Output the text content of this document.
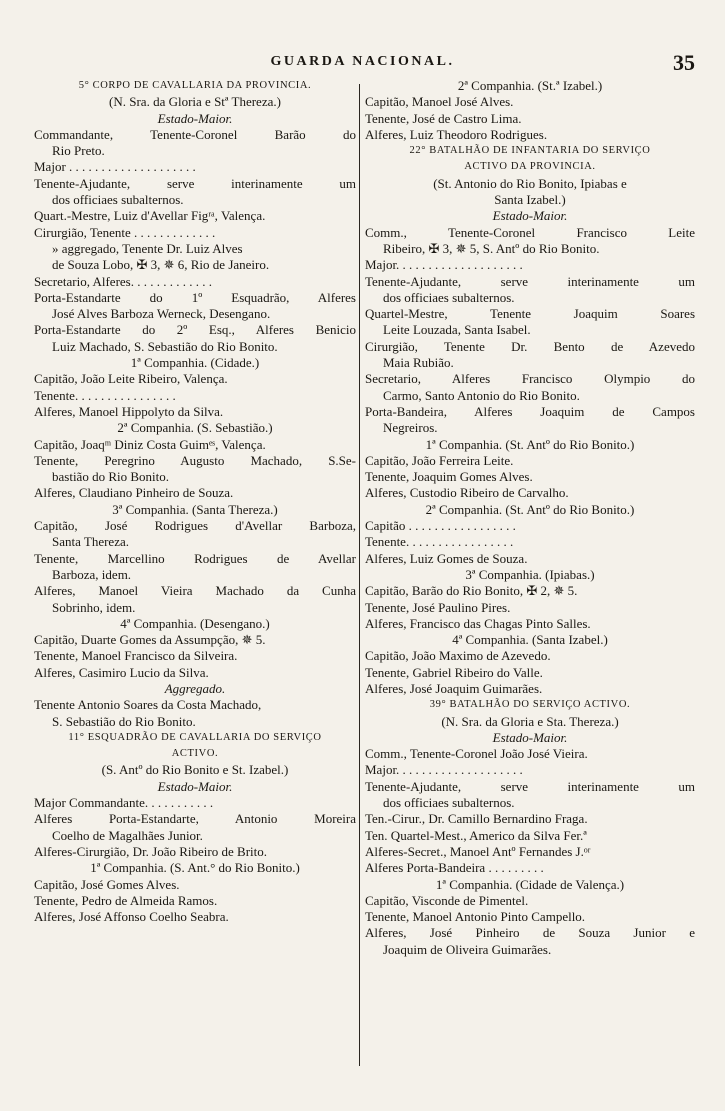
GUARDA NACIONAL.	35
5° CORPO DE CAVALLARIA DA PROVINCIA.
(N. Sra. da Gloria e Stª Thereza.)
Estado-Maior.
Commandante, Tenente-Coronel Barão do
Rio Preto.
Major . . . . . . . . . . . . . . . . . . . .
Tenente-Ajudante, serve interinamente um
dos officiaes subalternos.
Quart.-Mestre, Luiz d'Avellar Figʳᵃ, Valença.
Cirurgião, Tenente . . . . . . . . . . . . .
» aggregado, Tenente Dr. Luiz Alves
de Souza Lobo, ✠ 3, ✵ 6, Rio de Janeiro.
Secretario, Alferes. . . . . . . . . . . . .
Porta-Estandarte do 1º Esquadrão, Alferes
José Alves Barboza Werneck, Desengano.
Porta-Estandarte do 2º Esq., Alferes Benicio
Luiz Machado, S. Sebastião do Rio Bonito.
1ª Companhia. (Cidade.)
Capitão, João Leite Ribeiro, Valença.
Tenente. . . . . . . . . . . . . . . .
Alferes, Manoel Hippolyto da Silva.
2ª Companhia. (S. Sebastião.)
Capitão, Joaqᵐ Diniz Costa Guimᵉˢ, Valença.
Tenente, Peregrino Augusto Machado, S.Se-
bastião do Rio Bonito.
Alferes, Claudiano Pinheiro de Souza.
3ª Companhia. (Santa Thereza.)
Capitão, José Rodrigues d'Avellar Barboza,
Santa Thereza.
Tenente, Marcellino Rodrigues de Avellar
Barboza, idem.
Alferes, Manoel Vieira Machado da Cunha
Sobrinho, idem.
4ª Companhia. (Desengano.)
Capitão, Duarte Gomes da Assumpção, ✵ 5.
Tenente, Manoel Francisco da Silveira.
Alferes, Casimiro Lucio da Silva.
Aggregado.
Tenente Antonio Soares da Costa Machado,
S. Sebastião do Rio Bonito.
11° ESQUADRÃO DE CAVALLARIA DO SERVIÇO
ACTIVO.
(S. Antº do Rio Bonito e St. Izabel.)
Estado-Maior.
Major Commandante. . . . . . . . . . .
Alferes Porta-Estandarte, Antonio Moreira
Coelho de Magalhães Junior.
Alferes-Cirurgião, Dr. João Ribeiro de Brito.
1ª Companhia. (S. Ant.° do Rio Bonito.)
Capitão, José Gomes Alves.
Tenente, Pedro de Almeida Ramos.
Alferes, José Affonso Coelho Seabra.
2ª Companhia. (St.ª Izabel.)
Capitão, Manoel José Alves.
Tenente, José de Castro Lima.
Alferes, Luiz Theodoro Rodrigues.
22° BATALHÃO DE INFANTARIA DO SERVIÇO
ACTIVO DA PROVINCIA.
(St. Antonio do Rio Bonito, Ipiabas e
Santa Izabel.)
Estado-Maior.
Comm., Tenente-Coronel Francisco Leite
Ribeiro, ✠ 3, ✵ 5, S. Antº do Rio Bonito.
Major. . . . . . . . . . . . . . . . . . . .
Tenente-Ajudante, serve interinamente um
dos officiaes subalternos.
Quartel-Mestre, Tenente Joaquim Soares
Leite Louzada, Santa Isabel.
Cirurgião, Tenente Dr. Bento de Azevedo
Maia Rubião.
Secretario, Alferes Francisco Olympio do
Carmo, Santo Antonio do Rio Bonito.
Porta-Bandeira, Alferes Joaquim de Campos
Negreiros.
1ª Companhia. (St. Antº do Rio Bonito.)
Capitão, João Ferreira Leite.
Tenente, Joaquim Gomes Alves.
Alferes, Custodio Ribeiro de Carvalho.
2ª Companhia. (St. Antº do Rio Bonito.)
Capitão . . . . . . . . . . . . . . . . .
Tenente. . . . . . . . . . . . . . . . .
Alferes, Luiz Gomes de Souza.
3ª Companhia. (Ipiabas.)
Capitão, Barão do Rio Bonito, ✠ 2, ✵ 5.
Tenente, José Paulino Pires.
Alferes, Francisco das Chagas Pinto Salles.
4ª Companhia. (Santa Izabel.)
Capitão, João Maximo de Azevedo.
Tenente, Gabriel Ribeiro do Valle.
Alferes, José Joaquim Guimarães.
39° BATALHÃO DO SERVIÇO ACTIVO.
(N. Sra. da Gloria e Sta. Thereza.)
Estado-Maior.
Comm., Tenente-Coronel João José Vieira.
Major. . . . . . . . . . . . . . . . . . . .
Tenente-Ajudante, serve interinamente um
dos officiaes subalternos.
Ten.-Cirur., Dr. Camillo Bernardino Fraga.
Ten. Quartel-Mest., Americo da Silva Fer.ª
Alferes-Secret., Manoel Antº Fernandes J.ᵒʳ
Alferes Porta-Bandeira . . . . . . . . .
1ª Companhia. (Cidade de Valença.)
Capitão, Visconde de Pimentel.
Tenente, Manoel Antonio Pinto Campello.
Alferes, José Pinheiro de Souza Junior e
Joaquim de Oliveira Guimarães.
